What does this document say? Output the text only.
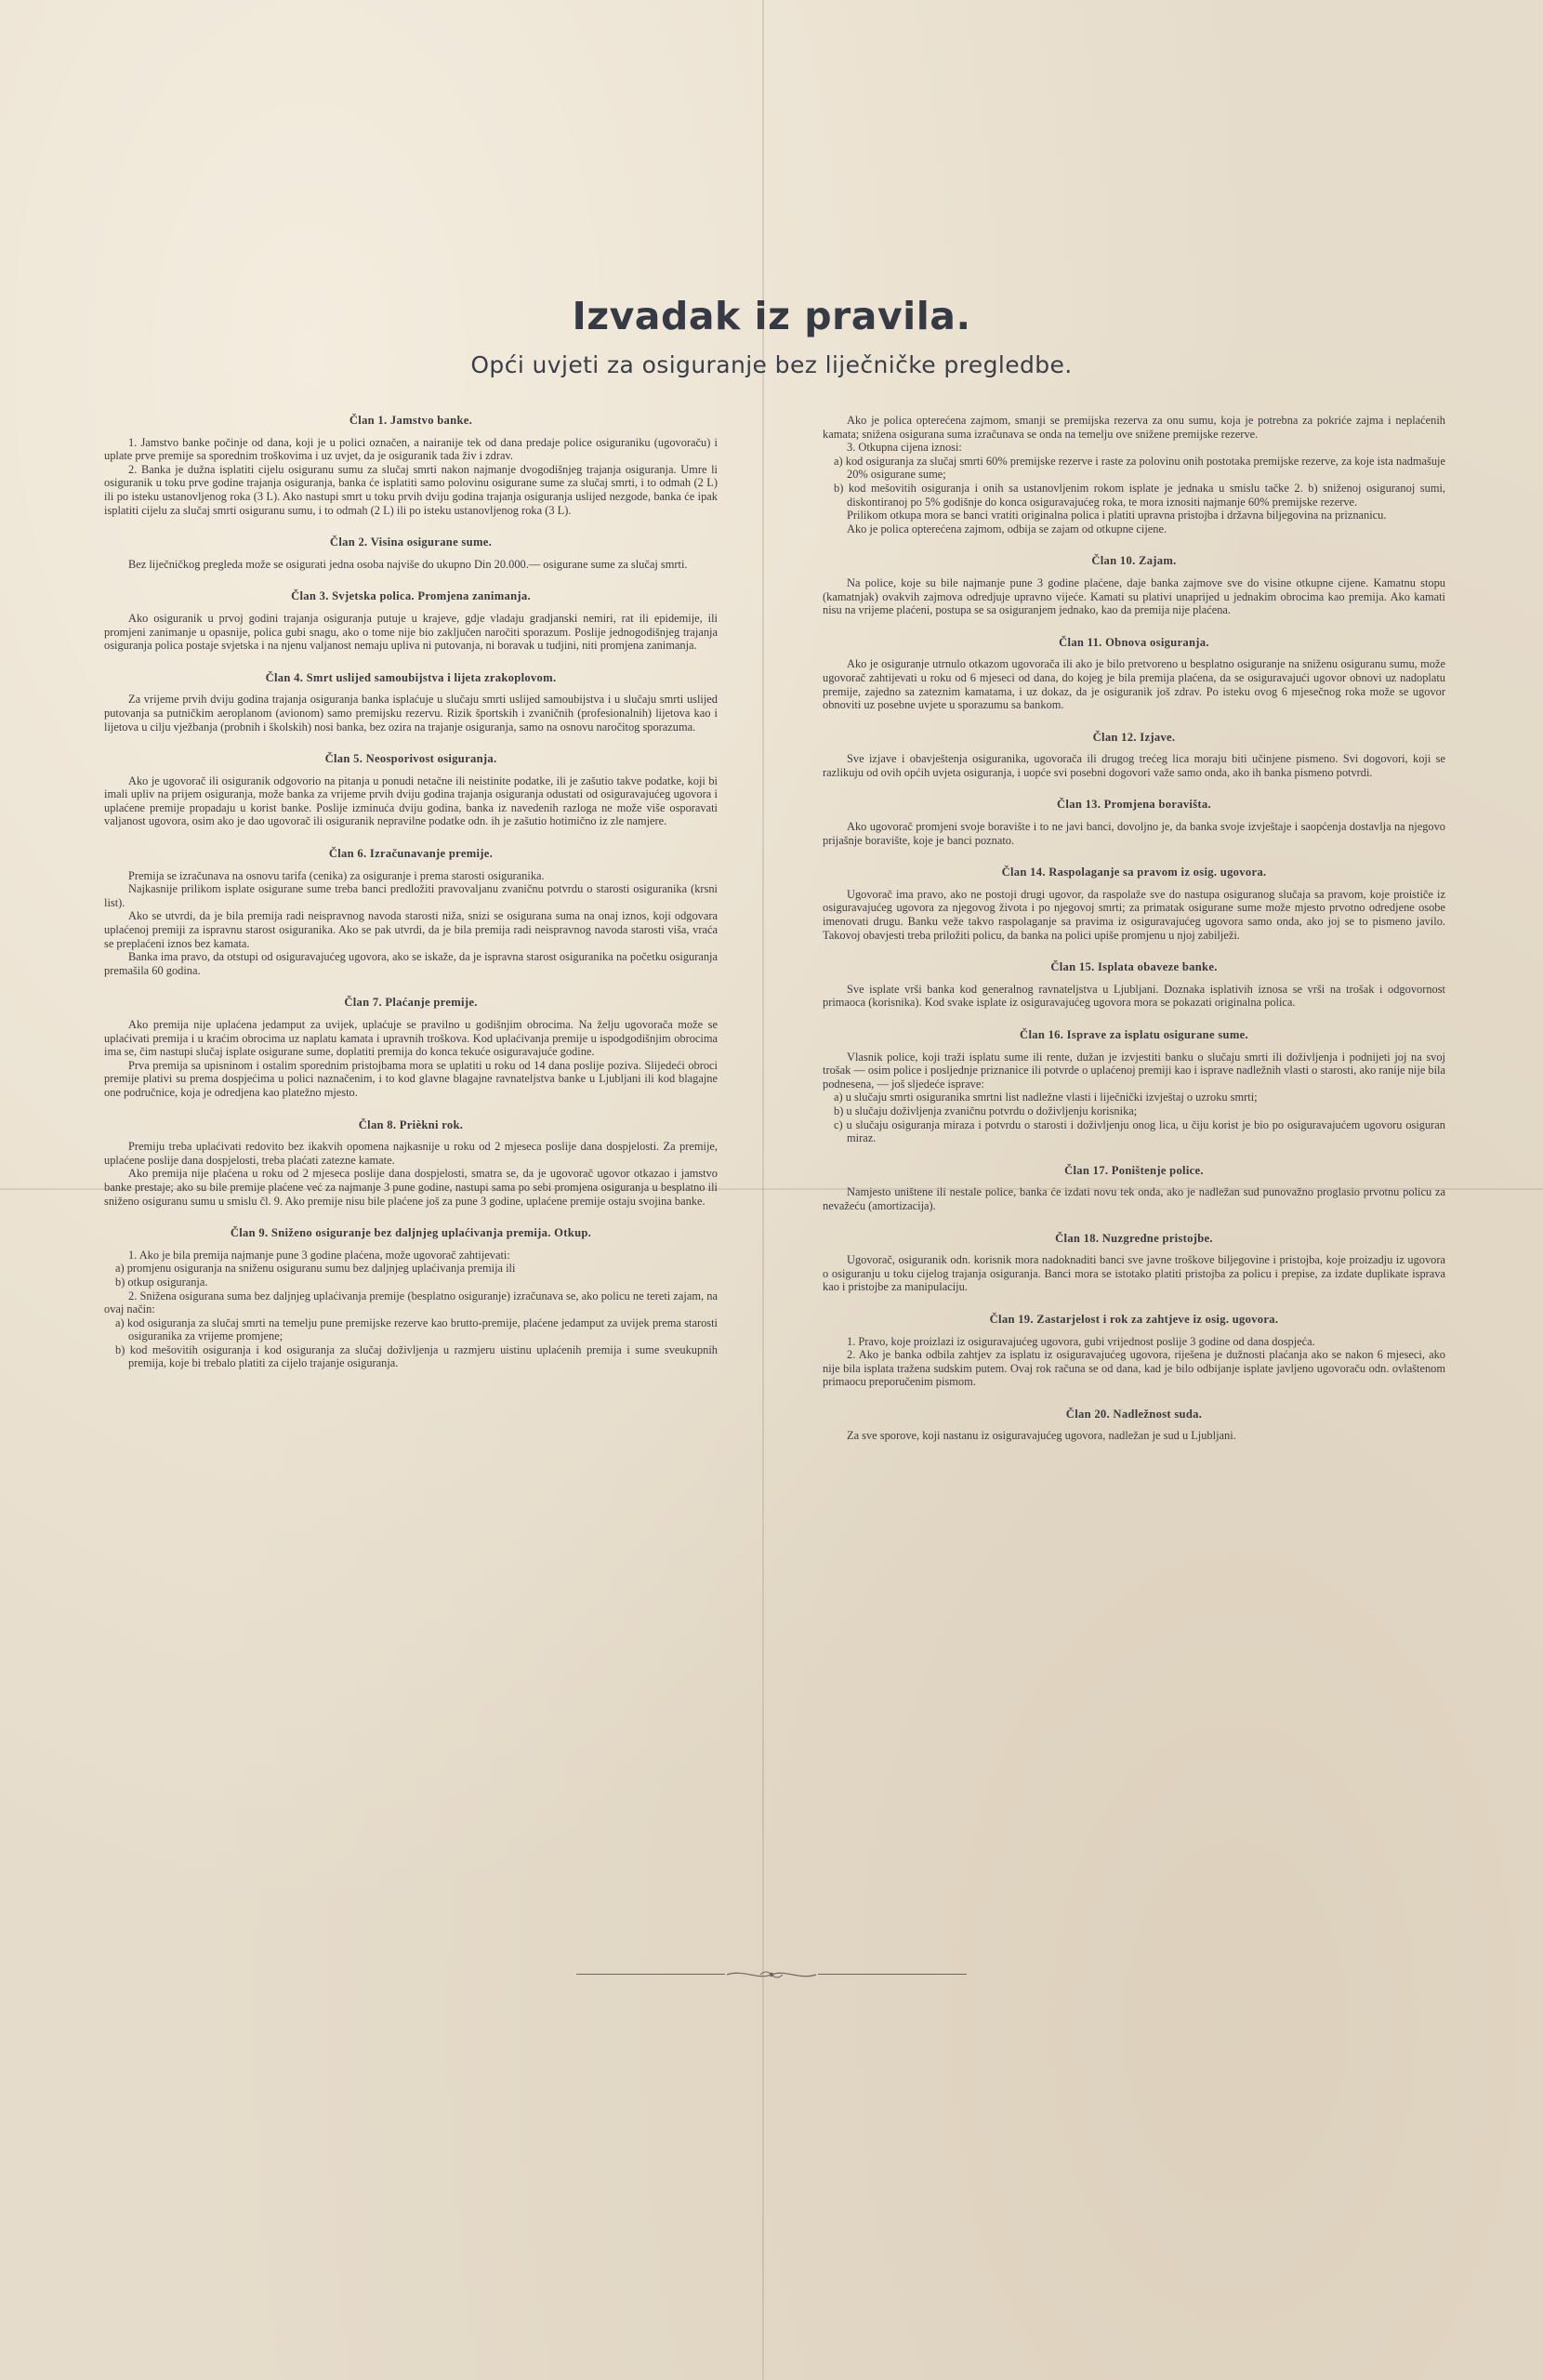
Izvadak iz pravila.
Opći uvjeti za osiguranje bez liječničke pregledbe.
Član 1. Jamstvo banke.

1. Jamstvo banke počinje od dana, koji je u polici označen, a nairanije tek od dana predaje police osiguraniku (ugovoraču) i uplate prve premije sa sporednim troškovima i uz uvjet, da je osiguranik tada živ i zdrav.

2. Banka je dužna isplatiti cijelu osiguranu sumu za slučaj smrti nakon najmanje dvogodišnjeg trajanja osiguranja. Umre li osiguranik u toku prve godine trajanja osiguranja, banka će isplatiti samo polovinu osigurane sume za slučaj smrti, i to odmah (2 L) ili po isteku ustanovljenog roka (3 L). Ako nastupi smrt u toku prvih dviju godina trajanja osiguranja uslijed nezgode, banka će ipak isplatiti cijelu za slučaj smrti osiguranu sumu, i to odmah (2 L) ili po isteku ustanovljenog roka (3 L).

Član 2. Visina osigurane sume.

Bez liječničkog pregleda može se osigurati jedna osoba najviše do ukupno Din 20.000.— osigurane sume za slučaj smrti.

Član 3. Svjetska polica. Promjena zanimanja.

Ako osiguranik u prvoj godini trajanja osiguranja putuje u krajeve, gdje vladaju gradjanski nemiri, rat ili epidemije, ili promjeni zanimanje u opasnije, polica gubi snagu, ako o tome nije bio zaključen naročiti sporazum. Poslije jednogodišnjeg trajanja osiguranja polica postaje svjetska i na njenu valjanost nemaju upliva ni putovanja, ni boravak u tudjini, niti promjena zanimanja.

Član 4. Smrt uslijed samoubijstva i lijeta zrakoplovom.

Za vrijeme prvih dviju godina trajanja osiguranja banka isplaćuje u slučaju smrti uslijed samoubijstva i u slučaju smrti uslijed putovanja sa putničkim aeroplanom (avionom) samo premijsku rezervu. Rizik športskih i zvaničnih (profesionalnih) lijetova kao i lijetova u cilju vježbanja (probnih i školskih) nosi banka, bez ozira na trajanje osiguranja, samo na osnovu naročitog sporazuma.

Član 5. Neosporivost osiguranja.

Ako je ugovorač ili osiguranik odgovorio na pitanja u ponudi netačne ili neistinite podatke, ili je zašutio takve podatke, koji bi imali upliv na prijem osiguranja, može banka za vrijeme prvih dviju godina trajanja osiguranja odustati od osiguravajućeg ugovora i uplaćene premije propadaju u korist banke. Poslije izminuća dviju godina, banka iz navedenih razloga ne može više osporavati valjanost ugovora, osim ako je dao ugovorač ili osiguranik nepravilne podatke odn. ih je zašutio hotimično iz zle namjere.

Član 6. Izračunavanje premije.

Premija se izračunava na osnovu tarifa (cenika) za osiguranje i prema starosti osiguranika.

Najkasnije prilikom isplate osigurane sume treba banci predložiti pravovaljanu zvaničnu potvrdu o starosti osiguranika (krsni list).

Ako se utvrdi, da je bila premija radi neispravnog navoda starosti niža, snizi se osigurana suma na onaj iznos, koji odgovara uplaćenoj premiji za ispravnu starost osiguranika. Ako se pak utvrdi, da je bila premija radi neispravnog navoda starosti viša, vraća se preplaćeni iznos bez kamata.

Banka ima pravo, da otstupi od osiguravajućeg ugovora, ako se iskaže, da je ispravna starost osiguranika na početku osiguranja premašila 60 godina.

Član 7. Plaćanje premije.

Ako premija nije uplaćena jedamput za uvijek, uplaćuje se pravilno u godišnjim obrocima. Na želju ugovorača može se uplaćivati premija i u kraćim obrocima uz naplatu kamata i upravnih troškova. Kod uplaćivanja premije u ispodgodišnjim obrocima ima se, čim nastupi slučaj isplate osigurane sume, doplatiti premija do konca tekuće osiguravajuće godine.

Prva premija sa upisninom i ostalim sporednim pristojbama mora se uplatiti u roku od 14 dana poslije poziva. Slijedeći obroci premije plativi su prema dospjećima u polici naznačenim, i to kod glavne blagajne ravnateljstva banke u Ljubljani ili kod blagajne one područnice, koja je odredjena kao platežno mjesto.

Član 8. Prièkni rok.

Premiju treba uplaćivati redovito bez ikakvih opomena najkasnije u roku od 2 mjeseca poslije dana dospjelosti. Za premije, uplaćene poslije dana dospjelosti, treba plaćati zatezne kamate.

Ako premija nije plaćena u roku od 2 mjeseca poslije dana dospjelosti, smatra se, da je ugovorač ugovor otkazao i jamstvo banke prestaje; ako su bile premije plaćene već za najmanje 3 pune godine, nastupi sama po sebi promjena osiguranja u besplatno ili sniženo osiguranu sumu u smislu čl. 9. Ako premije nisu bile plaćene još za pune 3 godine, uplaćene premije ostaju svojina banke.

Član 9. Sniženo osiguranje bez daljnjeg uplaćivanja premija. Otkup.

1. Ako je bila premija najmanje pune 3 godine plaćena, može ugovorač zahtijevati:

a) promjenu osiguranja na sniženu osiguranu sumu bez daljnjeg uplaćivanja premija ili

b) otkup osiguranja.

2. Sniženа osigurana suma bez daljnjeg uplaćivanja premije (besplatno osiguranje) izračunava se, ako policu ne tereti zajam, na ovaj način:

a) kod osiguranja za slučaj smrti na temelju pune premijske rezerve kao brutto-premije, plaćene jedamput za uvijek prema starosti osiguranika za vrijeme promjene;

b) kod mešovitih osiguranja i kod osiguranja za slučaj doživljenja u razmjeru uistinu uplaćenih premija i sume sveukupnih premija, koje bi trebalo platiti za cijelo trajanje osiguranja.

Ako je polica opterećena zajmom, smanji se premijska rezerva za onu sumu, koja je potrebna za pokriće zajma i neplaćenih kamata; snižena osigurana suma izračunava se onda na temelju ove snižene premijske rezerve.

3. Otkupna cijena iznosi:

a) kod osiguranja za slučaj smrti 60% premijske rezerve i raste za polovinu onih postotaka premijske rezerve, za koje ista nadmašuje 20% osigurane sume;

b) kod mešovitih osiguranja i onih sa ustanovljenim rokom isplate je jednaka u smislu tačke 2. b) sniženoj osiguranoj sumi, diskontiranoj po 5% godišnje do konca osiguravajućeg roka, te mora iznositi najmanje 60% premijske rezerve.

Prilikom otkupa mora se banci vratiti originalna polica i platiti upravna pristojba i državna biljegovina na priznanicu.

Ako je polica opterećena zajmom, odbija se zajam od otkupne cijene.

Član 10. Zajam.

Na police, koje su bile najmanje pune 3 godine plaćene, daje banka zajmove sve do visine otkupne cijene. Kamatnu stopu (kamatnjak) ovakvih zajmova odredjuje upravno vijeće. Kamati su plativi unaprijed u jednakim obrocima kao premija. Ako kamati nisu na vrijeme plaćeni, postupa se sa osiguranjem jednako, kao da premija nije plaćena.

Član 11. Obnova osiguranja.

Ako je osiguranje utrnulo otkazom ugovorača ili ako je bilo pretvoreno u besplatno osiguranje na sniženu osiguranu sumu, može ugovorač zahtijevati u roku od 6 mjeseci od dana, do kojeg je bila premija plaćena, da se osiguravajući ugovor obnovi uz nadoplatu premije, zajedno sa zateznim kamatama, i uz dokaz, da je osiguranik još zdrav. Po isteku ovog 6 mjesečnog roka može se ugovor obnoviti uz posebne uvjete u sporazumu sa bankom.

Član 12. Izjave.

Sve izjave i obavještenja osiguranika, ugovorača ili drugog trećeg lica moraju biti učinjene pismeno. Svi dogovori, koji se razlikuju od ovih općih uvjeta osiguranja, i uopće svi posebni dogovori važe samo onda, ako ih banka pismeno potvrdi.

Član 13. Promjena boravišta.

Ako ugovorač promjeni svoje boravište i to ne javi banci, dovoljno je, da banka svoje izvještaje i saopćenja dostavlja na njegovo prijašnje boravište, koje je banci poznato.

Član 14. Raspolaganje sa pravom iz osig. ugovora.

Ugovorač ima pravo, ako ne postoji drugi ugovor, da raspolaže sve do nastupa osiguranog slučaja sa pravom, koje proističe iz osiguravajućeg ugovora za njegovog života i po njegovoj smrti; za primatak osigurane sume može mjesto prvotno odredjene osobe imenovati drugu. Banku veže takvo raspolaganje sa pravima iz osiguravajućeg ugovora samo onda, ako joj se to pismeno javilo. Takovoj obavjesti treba priložiti policu, da banka na polici upiše promjenu u njoj zabilježi.

Član 15. Isplata obaveze banke.

Sve isplate vrši banka kod generalnog ravnateljstva u Ljubljani. Doznaka isplativih iznosa se vrši na trošak i odgovornost primaoca (korisnika). Kod svake isplate iz osiguravajućeg ugovora mora se pokazati originalna polica.

Član 16. Isprave za isplatu osigurane sume.

Vlasnik police, koji traži isplatu sume ili rente, dužan je izvjestiti banku o slučaju smrti ili doživljenja i podnijeti joj na svoj trošak — osim police i posljednje priznanice ili potvrde o uplaćenoj premiji kao i isprave nadležnih vlasti o starosti, ako ranije nije bila podnesena, — još sljedeće isprave:

a) u slučaju smrti osiguranika smrtni list nadležne vlasti i liječnički izvještaj o uzroku smrti;

b) u slučaju doživljenja zvaničnu potvrdu o doživljenju korisnika;

c) u slučaju osiguranja miraza i potvrdu o starosti i doživljenju onog lica, u čiju korist je bio po osiguravajućem ugovoru osiguran miraz.

Član 17. Poništenje police.

Namjesto uništene ili nestale police, banka će izdati novu tek onda, ako je nadležan sud punovažno proglasio prvotnu policu za nevažeću (amortizacija).

Član 18. Nuzgredne pristojbe.

Ugovorač, osiguranik odn. korisnik mora nadoknaditi banci sve javne troškove biljegovine i pristojba, koje proizadju iz ugovora o osiguranju u toku cijelog trajanja osiguranja. Banci mora se istotako platiti pristojba za policu i prepise, za izdate duplikate isprava kao i pristojbe za manipulaciju.

Član 19. Zastarjelost i rok za zahtjeve iz osig. ugovora.

1. Pravo, koje proizlazi iz osiguravajućeg ugovora, gubi vrijednost poslije 3 godine od dana dospjeća.

2. Ako je banka odbila zahtjev za isplatu iz osiguravajućeg ugovora, riješena je dužnosti plaćanja ako se nakon 6 mjeseci, ako nije bila isplata tražena sudskim putem. Ovaj rok računa se od dana, kad je bilo odbijanje isplate javljeno ugovoraču odn. ovlaštenom primaocu preporučenim pismom.

Član 20. Nadležnost suda.

Za sve sporove, koji nastanu iz osiguravajućeg ugovora, nadležan je sud u Ljubljani.
